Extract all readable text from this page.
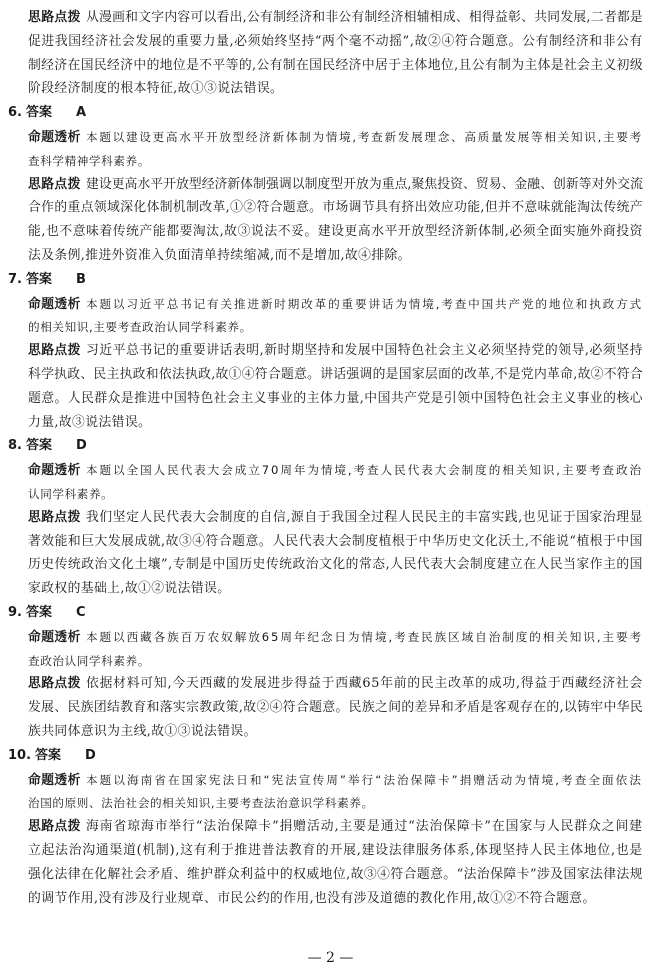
— 2 —
思路点拨 从漫画和文字内容可以看出,公有制经济和非公有制经济相辅相成、相得益彰、共同发展,二者都是
促进我国经济社会发展的重要力量,必须始终坚持“两个毫不动摇”,故②④符合题意。公有制经济和非公有
制经济在国民经济中的地位是不平等的,公有制在国民经济中居于主体地位,且公有制为主体是社会主义初级
阶段经济制度的根本特征,故①③说法错误。
6. 答案 A
命题透析 本题以建设更高水平开放型经济新体制为情境,考查新发展理念、高质量发展等相关知识,主要考
查科学精神学科素养。
思路点拨 建设更高水平开放型经济新体制强调以制度型开放为重点,聚焦投资、贸易、金融、创新等对外交流
合作的重点领域深化体制机制改革,①②符合题意。市场调节具有挤出效应功能,但并不意味就能淘汰传统产
能,也不意味着传统产能都要淘汰,故③说法不妥。建设更高水平开放型经济新体制,必须全面实施外商投资
法及条例,推进外资准入负面清单持续缩减,而不是增加,故④排除。
7. 答案 B
命题透析 本题以习近平总书记有关推进新时期改革的重要讲话为情境,考查中国共产党的地位和执政方式
的相关知识,主要考查政治认同学科素养。
思路点拨 习近平总书记的重要讲话表明,新时期坚持和发展中国特色社会主义必须坚持党的领导,必须坚持
科学执政、民主执政和依法执政,故①④符合题意。讲话强调的是国家层面的改革,不是党内革命,故②不符合
题意。人民群众是推进中国特色社会主义事业的主体力量,中国共产党是引领中国特色社会主义事业的核心
力量,故③说法错误。
8. 答案 D
命题透析 本题以全国人民代表大会成立70周年为情境,考查人民代表大会制度的相关知识,主要考查政治
认同学科素养。
思路点拨 我们坚定人民代表大会制度的自信,源自于我国全过程人民民主的丰富实践,也见证于国家治理显
著效能和巨大发展成就,故③④符合题意。人民代表大会制度植根于中华历史文化沃土,不能说“植根于中国
历史传统政治文化土壤”,专制是中国历史传统政治文化的常态,人民代表大会制度建立在人民当家作主的国
家政权的基础上,故①②说法错误。
9. 答案 C
命题透析 本题以西藏各族百万农奴解放65周年纪念日为情境,考查民族区域自治制度的相关知识,主要考
查政治认同学科素养。
思路点拨 依据材料可知,今天西藏的发展进步得益于西藏65年前的民主改革的成功,得益于西藏经济社会
发展、民族团结教育和落实宗教政策,故②④符合题意。民族之间的差异和矛盾是客观存在的,以铸牢中华民
族共同体意识为主线,故①③说法错误。
10. 答案 D
命题透析 本题以海南省在国家宪法日和“宪法宣传周”举行“法治保障卡”捐赠活动为情境,考查全面依法
治国的原则、法治社会的相关知识,主要考查法治意识学科素养。
思路点拨 海南省琼海市举行“法治保障卡”捐赠活动,主要是通过“法治保障卡”在国家与人民群众之间建
立起法治沟通渠道(机制),这有利于推进普法教育的开展,建设法律服务体系,体现坚持人民主体地位,也是
强化法律在化解社会矛盾、维护群众利益中的权威地位,故③④符合题意。“法治保障卡”涉及国家法律法规
的调节作用,没有涉及行业规章、市民公约的作用,也没有涉及道德的教化作用,故①②不符合题意。
